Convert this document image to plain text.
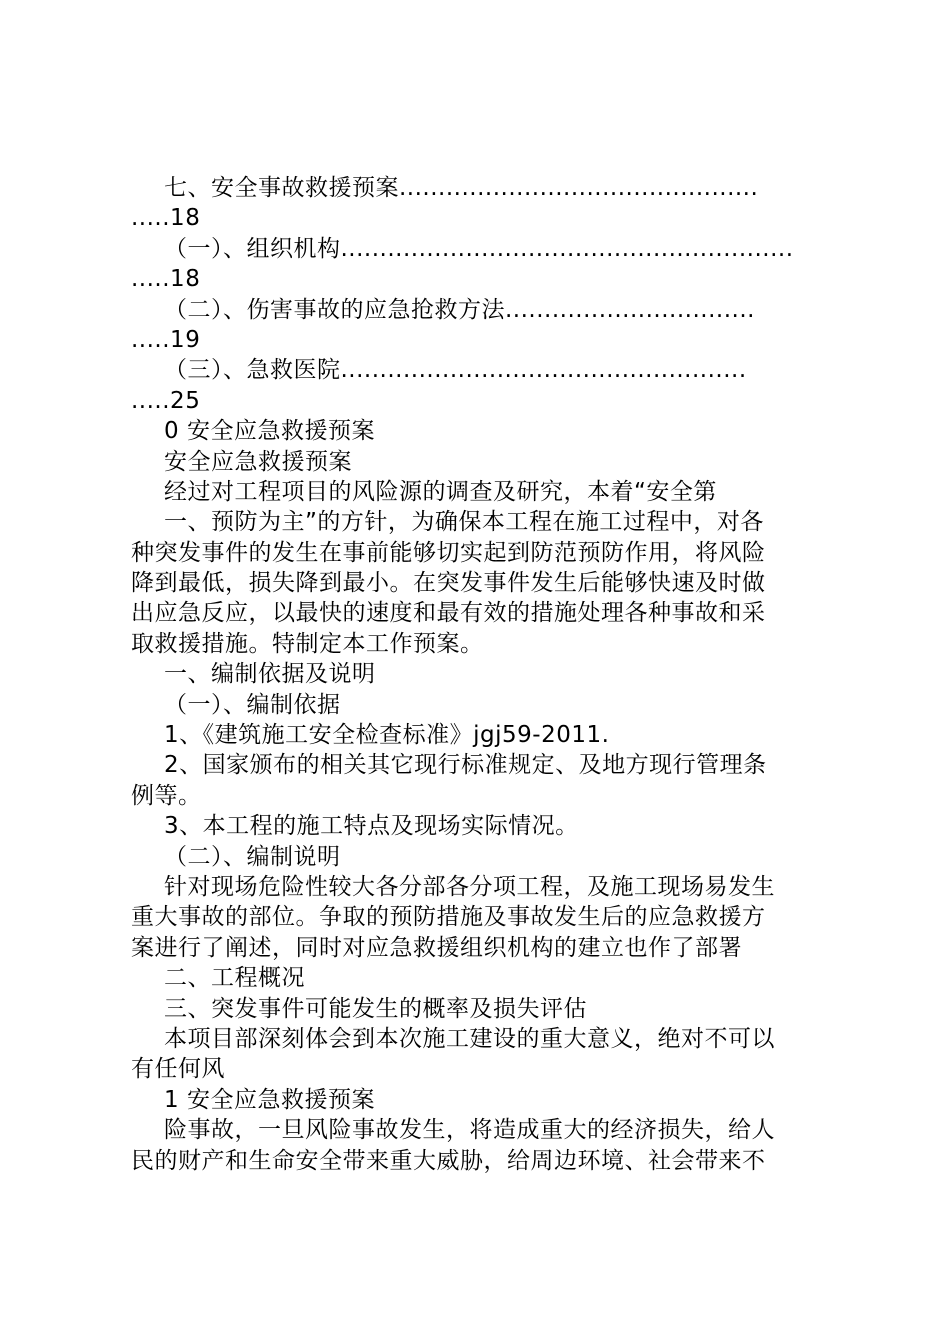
七、安全事故救援预案..............................................
.....18
（一）、组织机构..........................................................
.....18
（二）、伤害事故的应急抢救方法................................
.....19
（三）、急救医院....................................................
.....25
0 安全应急救援预案
安全应急救援预案
经过对工程项目的风险源的调查及研究，本着“安全第
一、预防为主”的方针，为确保本工程在施工过程中，对各
种突发事件的发生在事前能够切实起到防范预防作用，将风险
降到最低，损失降到最小。在突发事件发生后能够快速及时做
出应急反应，以最快的速度和最有效的措施处理各种事故和采
取救援措施。特制定本工作预案。
一、编制依据及说明
（一）、编制依据
1、《建筑施工安全检查标准》jgj59-2011.
2、国家颁布的相关其它现行标准规定、及地方现行管理条
例等。
3、本工程的施工特点及现场实际情况。
（二）、编制说明
针对现场危险性较大各分部各分项工程，及施工现场易发生
重大事故的部位。争取的预防措施及事故发生后的应急救援方
案进行了阐述，同时对应急救援组织机构的建立也作了部署
二、工程概况
三、突发事件可能发生的概率及损失评估
本项目部深刻体会到本次施工建设的重大意义，绝对不可以
有任何风
1 安全应急救援预案
险事故，一旦风险事故发生，将造成重大的经济损失，给人
民的财产和生命安全带来重大威胁，给周边环境、社会带来不
